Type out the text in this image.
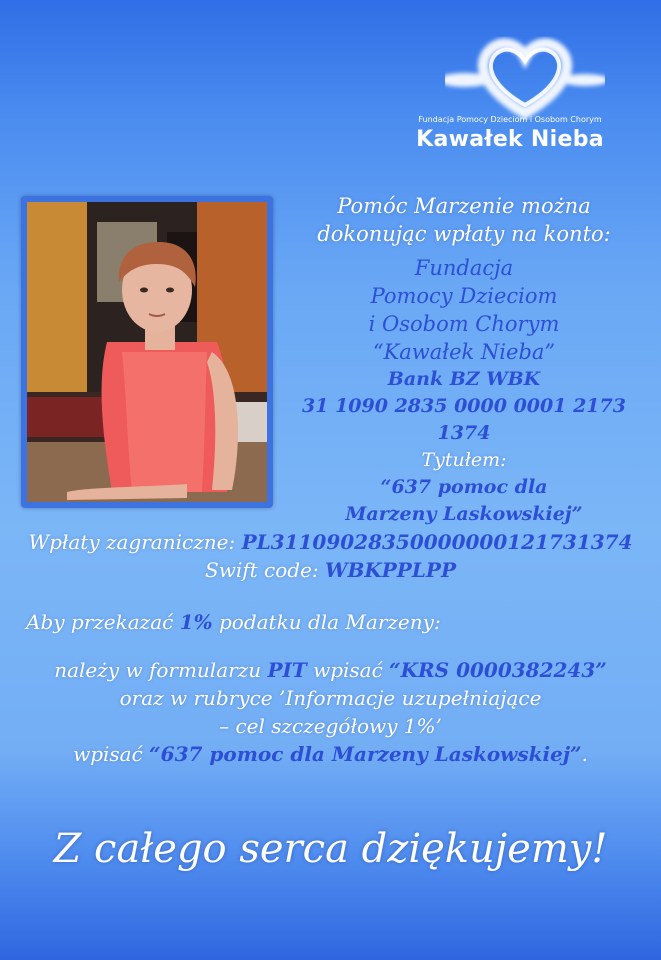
Fundacja Pomocy Dzieciom i Osobom Chorym
Kawałek Nieba
Pomóc Marzenie można
dokonując wpłaty na konto:
Fundacja
Pomocy Dzieciom
i Osobom Chorym
“Kawałek Nieba”
Bank BZ WBK
31 1090 2835 0000 0001 2173 1374
Tytułem:
“637 pomoc dla
Marzeny Laskowskiej”
Wpłaty zagraniczne: PL31109028350000000121731374
Swift code: WBKPPLPP
Aby przekazać 1% podatku dla Marzeny:
należy w formularzu PIT wpisać “KRS 0000382243”
oraz w rubryce ’Informacje uzupełniające
– cel szczegółowy 1%’
wpisać “637 pomoc dla Marzeny Laskowskiej”.
Z całego serca dziękujemy!
